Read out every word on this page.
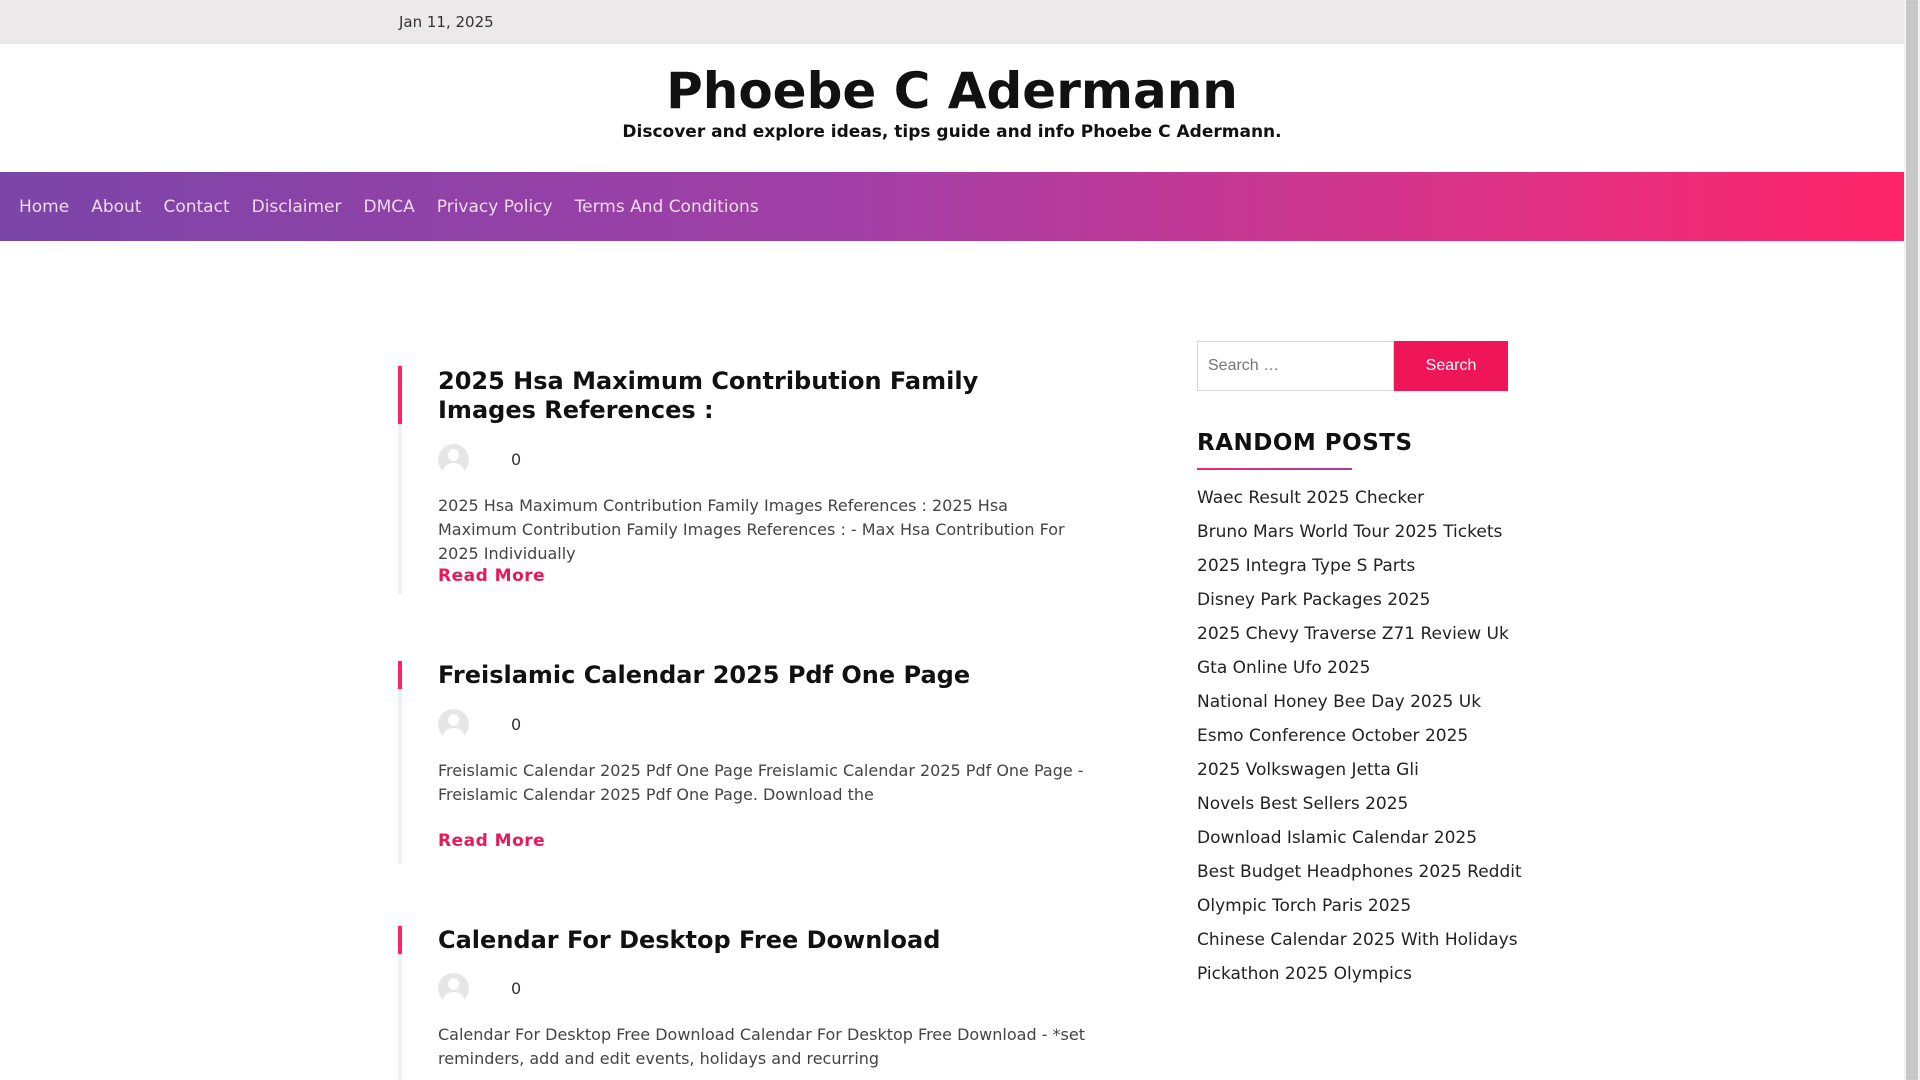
Jan 11, 2025
Phoebe C Adermann
Discover and explore ideas, tips guide and info Phoebe C Adermann.
Home About Contact Disclaimer DMCA Privacy Policy Terms And Conditions
2025 Hsa Maximum Contribution Family Images References :
0

2025 Hsa Maximum Contribution Family Images References : 2025 Hsa Maximum Contribution Family Images References : - Max Hsa Contribution For 2025 Individually

Read More
Freislamic Calendar 2025 Pdf One Page
0

Freislamic Calendar 2025 Pdf One Page Freislamic Calendar 2025 Pdf One Page - Freislamic Calendar 2025 Pdf One Page. Download the

Read More
Calendar For Desktop Free Download
0

Calendar For Desktop Free Download Calendar For Desktop Free Download - *set reminders, add and edit events, holidays and recurring

Search …
Search
RANDOM POSTS
Waec Result 2025 Checker
Bruno Mars World Tour 2025 Tickets
2025 Integra Type S Parts
Disney Park Packages 2025
2025 Chevy Traverse Z71 Review Uk
Gta Online Ufo 2025
National Honey Bee Day 2025 Uk
Esmo Conference October 2025
2025 Volkswagen Jetta Gli
Novels Best Sellers 2025
Download Islamic Calendar 2025
Best Budget Headphones 2025 Reddit
Olympic Torch Paris 2025
Chinese Calendar 2025 With Holidays
Pickathon 2025 Olympics
